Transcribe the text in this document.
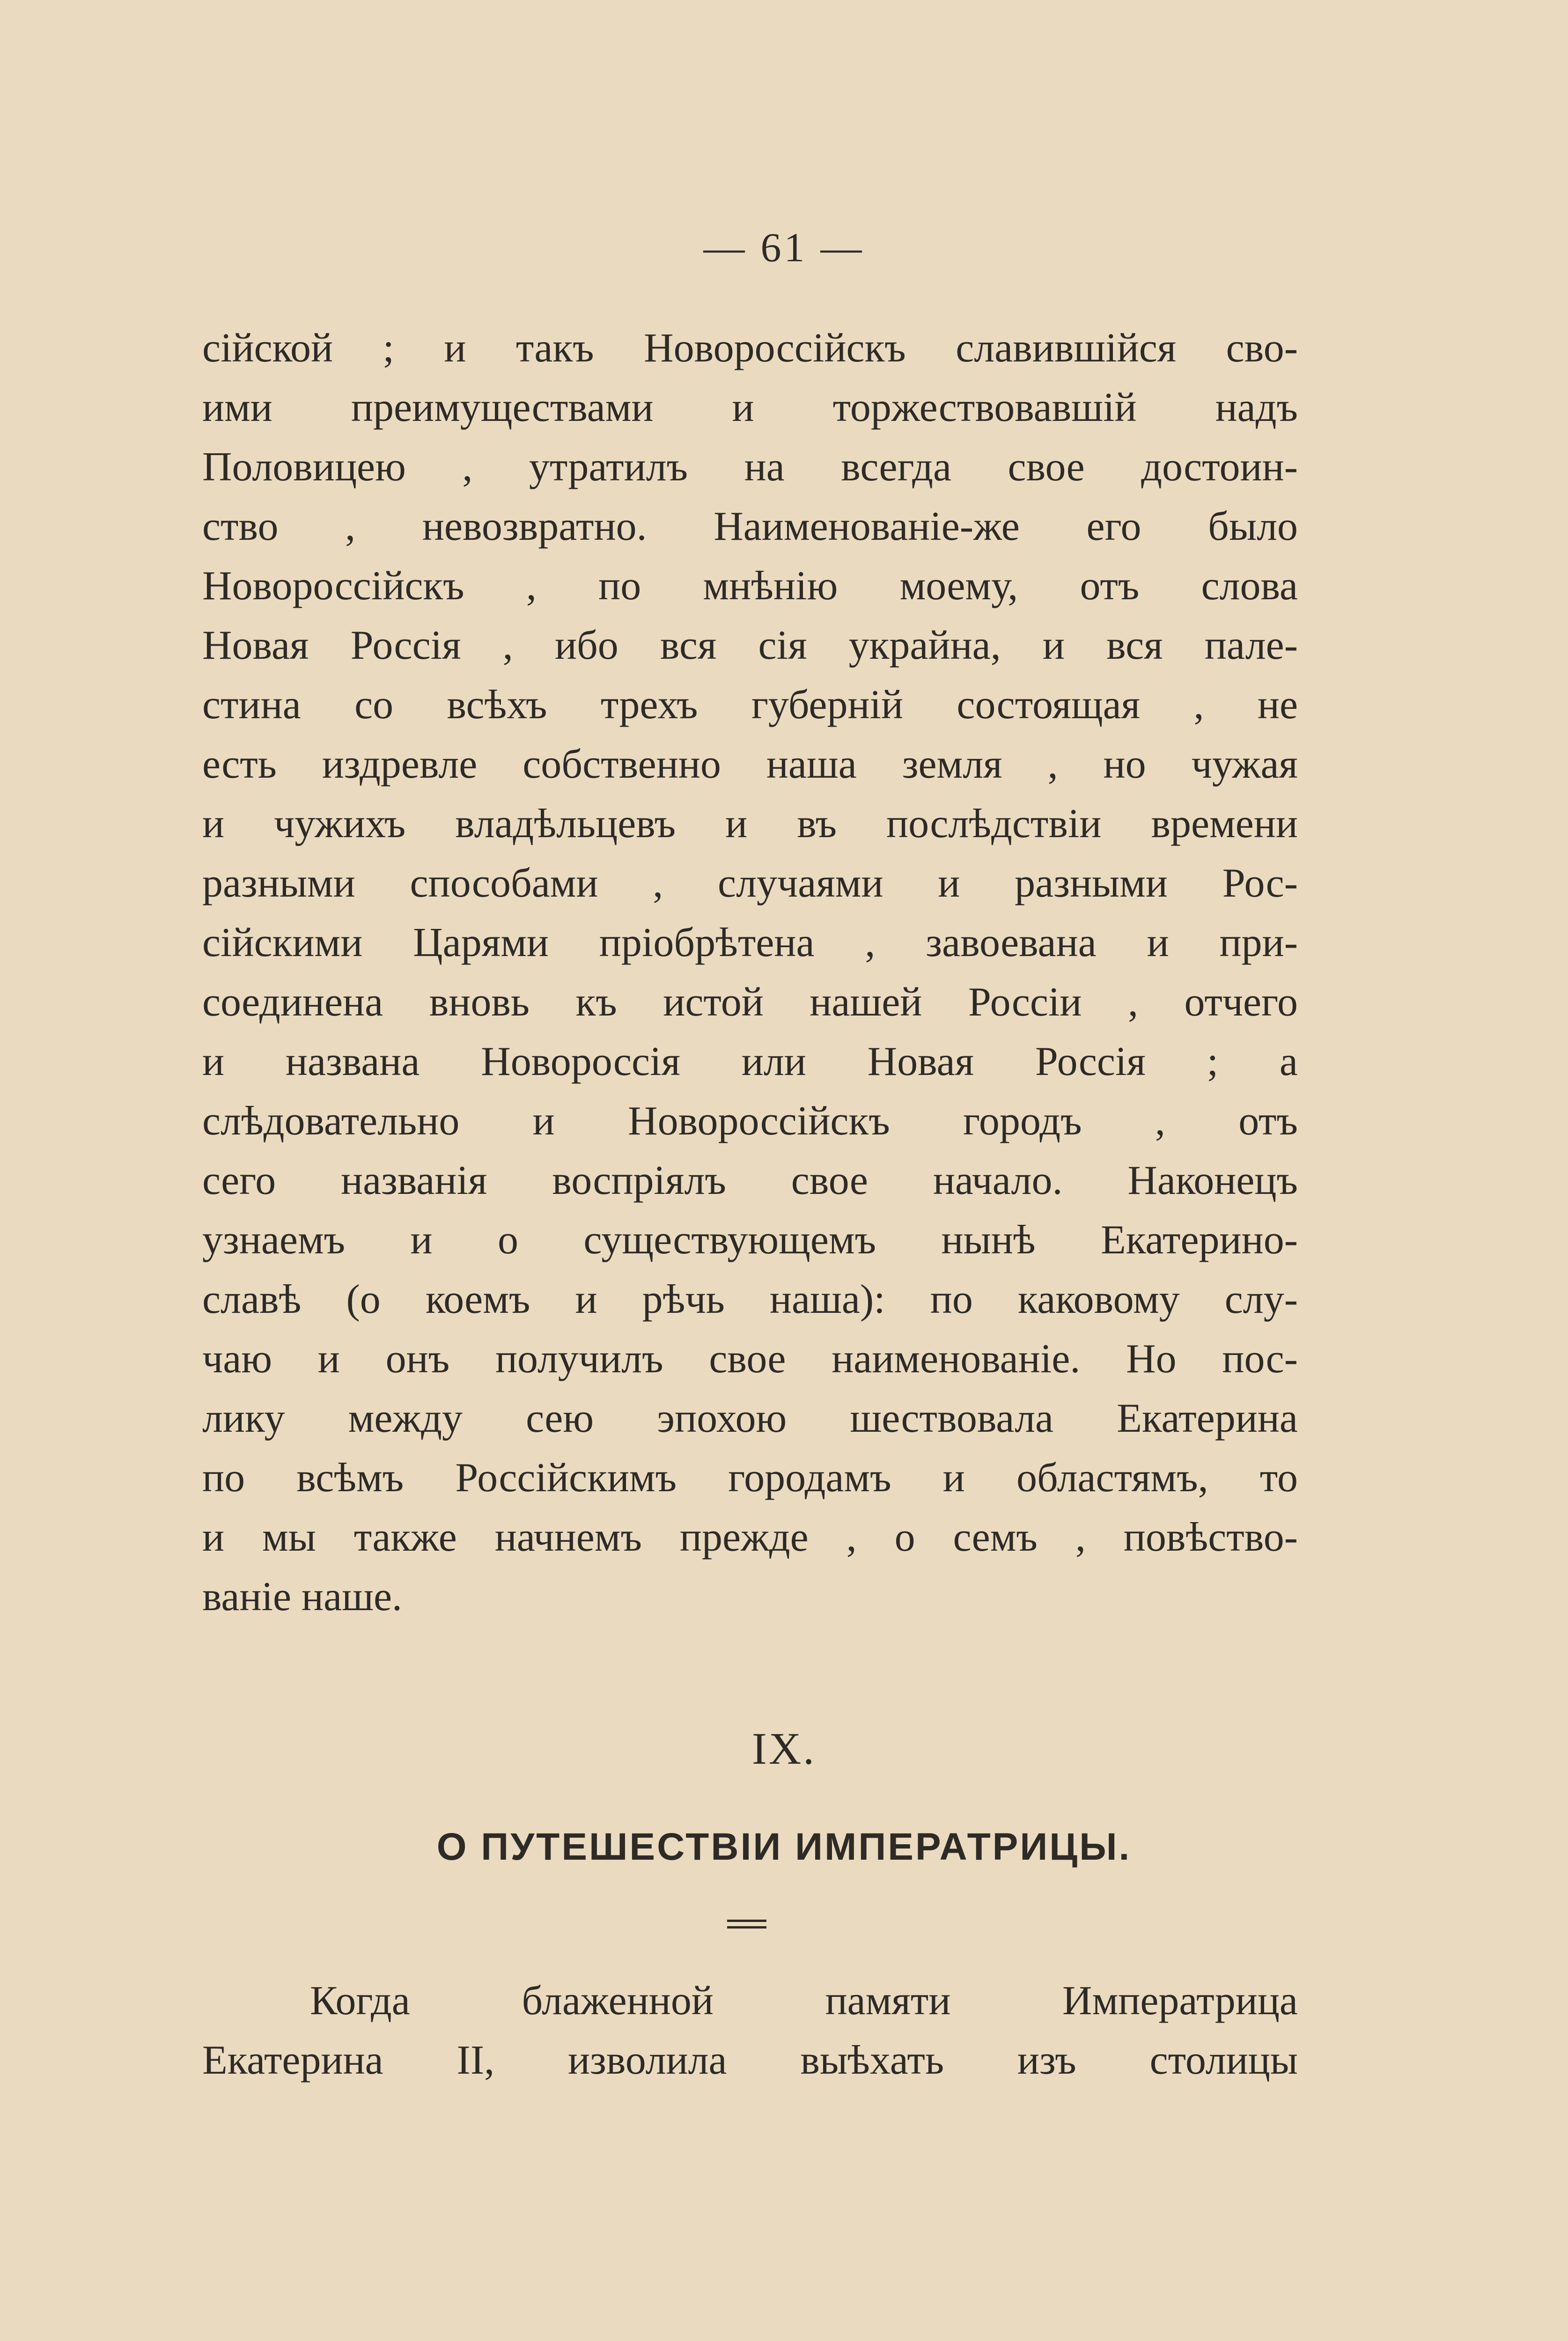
— 61 —
сійской ; и такъ Новороссійскъ славившійся сво-
ими преимуществами и торжествовавшій надъ
Половицею , утратилъ на всегда свое достоин-
ство , невозвратно. Наименованіе-же его было
Новороссійскъ , по мнѣнію моему, отъ слова
Новая Россія , ибо вся сія украйна, и вся пале-
стина со всѣхъ трехъ губерній состоящая , не
есть издревле собственно наша земля , но чужая
и чужихъ владѣльцевъ и въ послѣдствіи времени
разными способами , случаями и разными Рос-
сійскими Царями пріобрѣтена , завоевана и при-
соединена вновь къ истой нашей Россіи , отчего
и названа Новороссія или Новая Россія ; а
слѣдовательно и Новороссійскъ городъ , отъ
сего названія воспріялъ свое начало. Наконецъ
узнаемъ и о существующемъ нынѣ Екатерино-
славѣ (о коемъ и рѣчь наша): по каковому слу-
чаю и онъ получилъ свое наименованіе. Но пос-
лику между сею эпохою шествовала Екатерина
по всѣмъ Россійскимъ городамъ и областямъ, то
и мы также начнемъ прежде , о семъ , повѣство-
ваніе наше.
IX.
О ПУТЕШЕСТВІИ ИМПЕРАТРИЦЫ.
Когда блаженной памяти Императрица
Екатерина II, изволила выѣхать изъ столицы
